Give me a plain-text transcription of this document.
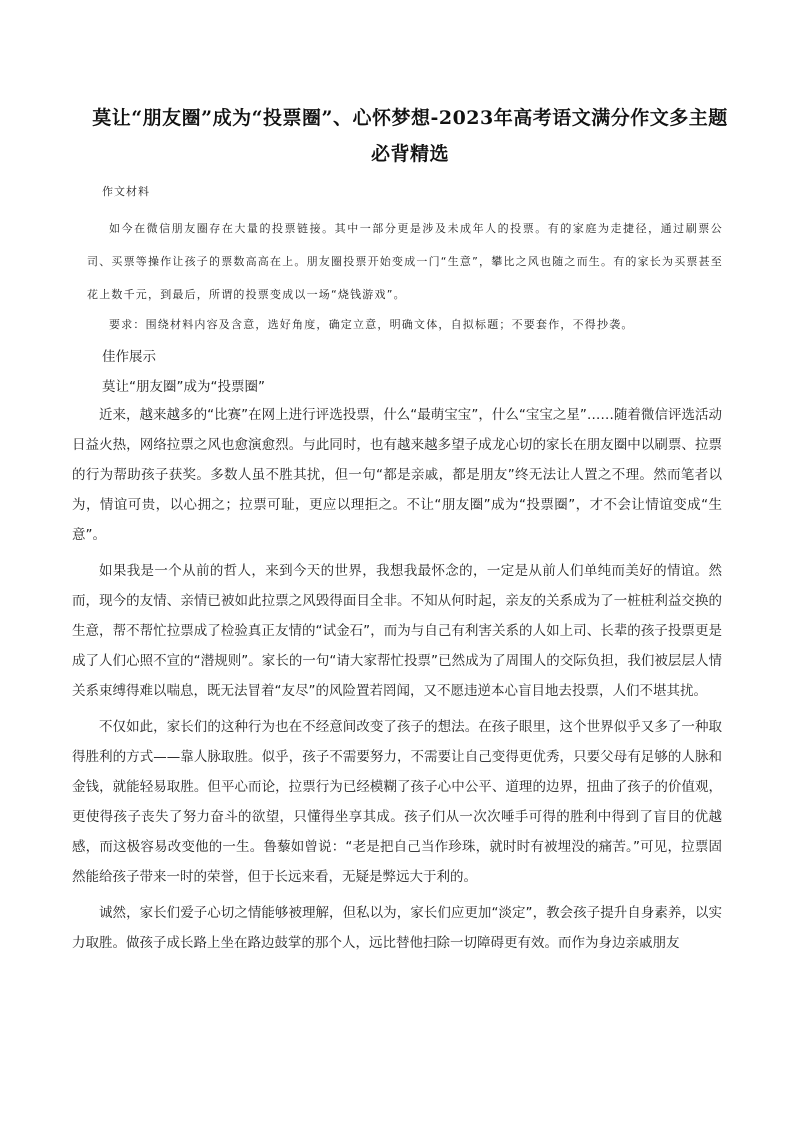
莫让“朋友圈”成为“投票圈”、心怀梦想-2023年高考语文满分作文多主题必背精选
作文材料

如今在微信朋友圈存在大量的投票链接。其中一部分更是涉及未成年人的投票。有的家庭为走捷径，通过刷票公司、买票等操作让孩子的票数高高在上。朋友圈投票开始变成一门“生意”，攀比之风也随之而生。有的家长为买票甚至花上数千元，到最后，所谓的投票变成以一场“烧钱游戏”。

要求：围绕材料内容及含意，选好角度，确定立意，明确文体，自拟标题；不要套作，不得抄袭。

佳作展示
莫让“朋友圈”成为“投票圈”

近来，越来越多的“比赛”在网上进行评选投票，什么“最萌宝宝”，什么“宝宝之星”……随着微信评选活动日益火热，网络拉票之风也愈演愈烈。与此同时，也有越来越多望子成龙心切的家长在朋友圈中以刷票、拉票的行为帮助孩子获奖。多数人虽不胜其扰，但一句“都是亲戚，都是朋友”终无法让人置之不理。然而笔者以为，情谊可贵，以心拥之；拉票可耻，更应以理拒之。不让“朋友圈”成为“投票圈”，才不会让情谊变成“生意”。

如果我是一个从前的哲人，来到今天的世界，我想我最怀念的，一定是从前人们单纯而美好的情谊。然而，现今的友情、亲情已被如此拉票之风毁得面目全非。不知从何时起，亲友的关系成为了一桩桩利益交换的生意，帮不帮忙拉票成了检验真正友情的“试金石”，而为与自己有利害关系的人如上司、长辈的孩子投票更是成了人们心照不宣的“潜规则”。家长的一句“请大家帮忙投票”已然成为了周围人的交际负担，我们被层层人情关系束缚得难以喘息，既无法冒着“友尽”的风险置若罔闻，又不愿违逆本心盲目地去投票，人们不堪其扰。

不仅如此，家长们的这种行为也在不经意间改变了孩子的想法。在孩子眼里，这个世界似乎又多了一种取得胜利的方式——靠人脉取胜。似乎，孩子不需要努力，不需要让自己变得更优秀，只要父母有足够的人脉和金钱，就能轻易取胜。但平心而论，拉票行为已经模糊了孩子心中公平、道理的边界，扭曲了孩子的价值观，更使得孩子丧失了努力奋斗的欲望，只懂得坐享其成。孩子们从一次次唾手可得的胜利中得到了盲目的优越感，而这极容易改变他的一生。鲁藜如曾说：“老是把自己当作珍珠，就时时有被埋没的痛苦。”可见，拉票固然能给孩子带来一时的荣誉，但于长远来看，无疑是弊远大于利的。

诚然，家长们爱子心切之情能够被理解，但私以为，家长们应更加“淡定”，教会孩子提升自身素养，以实力取胜。做孩子成长路上坐在路边鼓掌的那个人，远比替他扫除一切障碍更有效。而作为身边亲戚朋友
